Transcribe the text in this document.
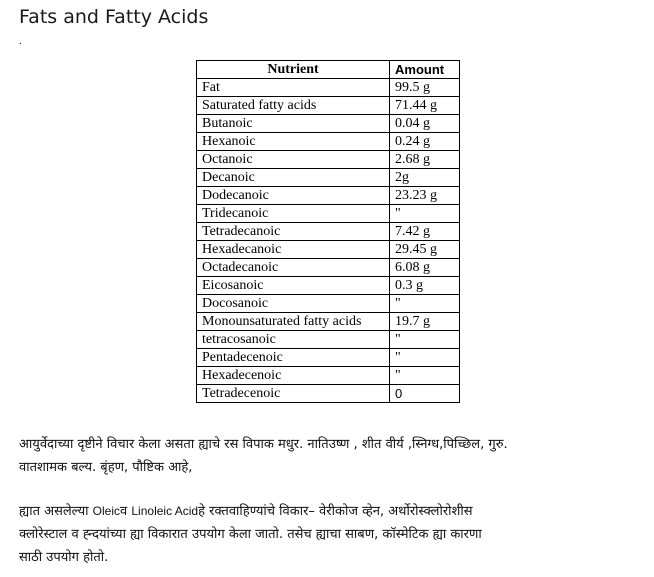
Fats and Fatty Acids
.
Nutrient	Amount
Fat	99.5 g
Saturated fatty acids	71.44 g
Butanoic	0.04 g
Hexanoic	0.24 g
Octanoic	2.68 g
Decanoic	2g
Dodecanoic	23.23 g
Tridecanoic	"
Tetradecanoic	7.42 g
Hexadecanoic	29.45 g
Octadecanoic	6.08 g
Eicosanoic	0.3 g
Docosanoic	"
Monounsaturated fatty acids	19.7 g
tetracosanoic	"
Pentadecenoic	"
Hexadecenoic	"
Tetradecenoic	0
आयुर्वेदाच्या दृष्टीने विचार केला असता ह्याचे रस विपाक मधुर. नातिउष्ण , शीत वीर्य ,स्निग्ध,पिच्छिल, गुरु.
वातशामक बल्य. बृंहण, पौष्टिक आहे,
ह्यात असलेल्या Oleicव Linoleic Acidहे रक्तवाहिण्यांचे विकार– वेरीकोज व्हेन, अर्थोरोस्क्लोरोशीस
क्लोरेस्टाल व ह्न्दयांच्या ह्या विकारात उपयोग केला जातो. तसेच ह्याचा साबण, कॉस्मेटिक ह्या कारणा
साठी उपयोग होतो.
